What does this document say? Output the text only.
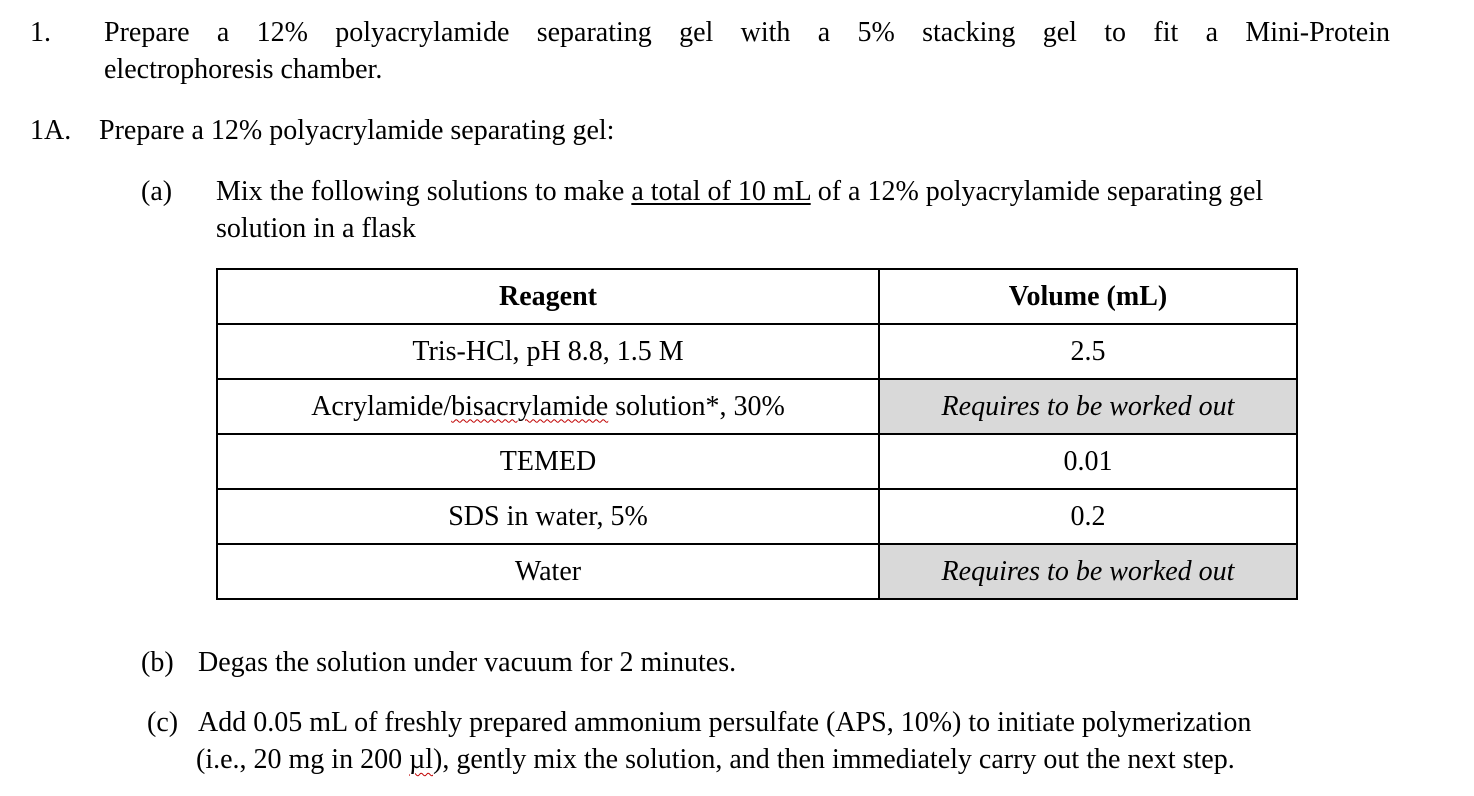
1. Prepare a 12% polyacrylamide separating gel with a 5% stacking gel to fit a Mini-Protein
electrophoresis chamber.
1A. Prepare a 12% polyacrylamide separating gel:
(a) Mix the following solutions to make a total of 10 mL of a 12% polyacrylamide separating gel
solution in a flask
Reagent	Volume (mL)
Tris-HCl, pH 8.8, 1.5 M	2.5
Acrylamide/bisacrylamide solution*, 30%	Requires to be worked out
TEMED	0.01
SDS in water, 5%	0.2
Water	Requires to be worked out
(b) Degas the solution under vacuum for 2 minutes.
(c) Add 0.05 mL of freshly prepared ammonium persulfate (APS, 10%) to initiate polymerization
(i.e., 20 mg in 200 µl), gently mix the solution, and then immediately carry out the next step.
